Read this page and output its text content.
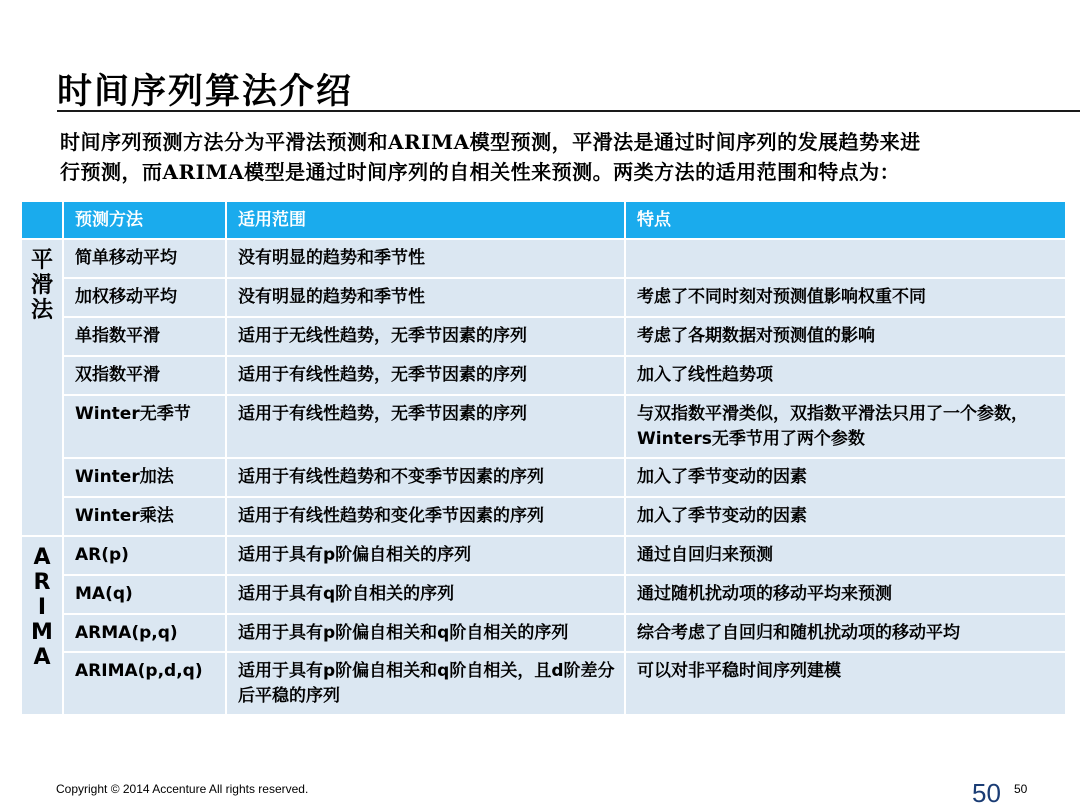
时间序列算法介绍
时间序列预测方法分为平滑法预测和ARIMA模型预测，平滑法是通过时间序列的发展趋势来进
行预测，而ARIMA模型是通过时间序列的自相关性来预测。两类方法的适用范围和特点为：
	预测方法	适用范围	特点

平
滑
法	简单移动平均	没有明显的趋势和季节性	
	加权移动平均	没有明显的趋势和季节性	考虑了不同时刻对预测值影响权重不同
	单指数平滑	适用于无线性趋势，无季节因素的序列	考虑了各期数据对预测值的影响
	双指数平滑	适用于有线性趋势，无季节因素的序列	加入了线性趋势项
	Winter无季节	适用于有线性趋势，无季节因素的序列	与双指数平滑类似，双指数平滑法只用了一个参数，Winters无季节用了两个参数
	Winter加法	适用于有线性趋势和不变季节因素的序列	加入了季节变动的因素
	Winter乘法	适用于有线性趋势和变化季节因素的序列	加入了季节变动的因素

A
R
I
M
A	AR(p)	适用于具有p阶偏自相关的序列	通过自回归来预测
	MA(q)	适用于具有q阶自相关的序列	通过随机扰动项的移动平均来预测
	ARMA(p,q)	适用于具有p阶偏自相关和q阶自相关的序列	综合考虑了自回归和随机扰动项的移动平均
	ARIMA(p,d,q)	适用于具有p阶偏自相关和q阶自相关，且d阶差分后平稳的序列	可以对非平稳时间序列建模
Copyright © 2014 Accenture All rights reserved.	50 50
